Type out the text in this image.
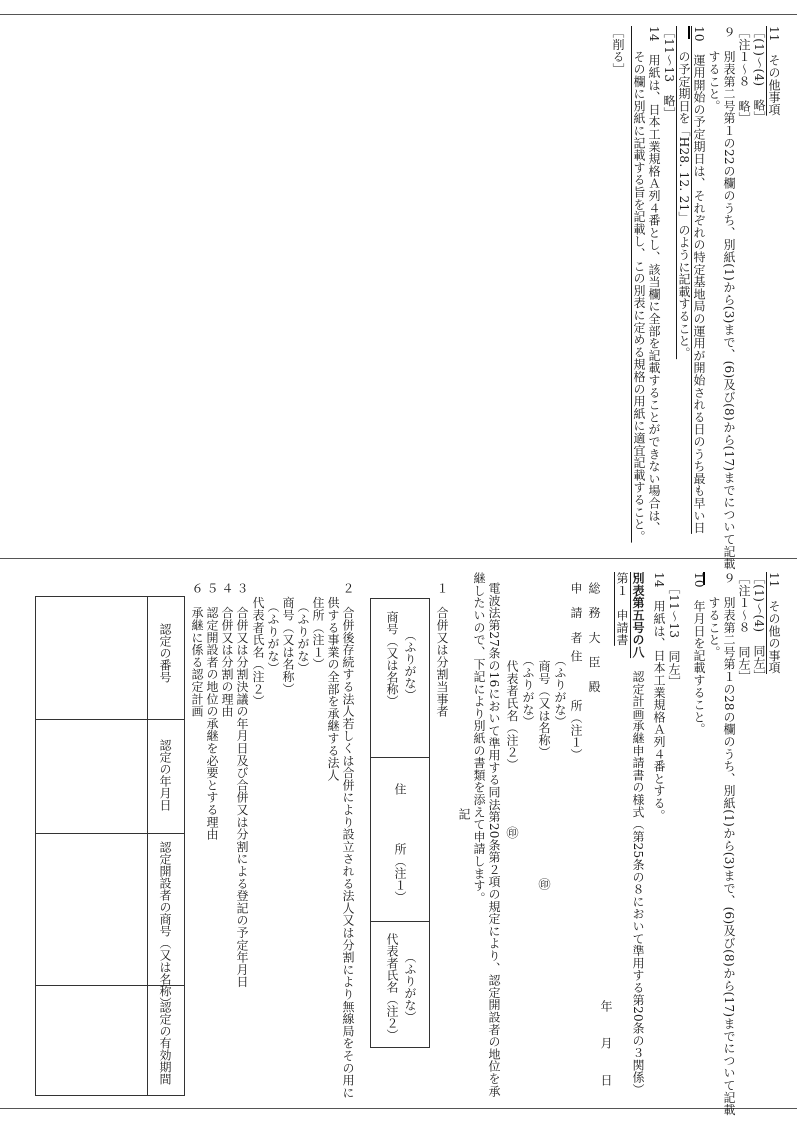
11　その他事項
［(1)〜(4)　略］
［注１〜８　略］
９　別表第二号第１の22の欄のうち、別紙(1)から(3)まで、(6)及び(8)から(17)までについて記載
　　すること。
10　運用開始の予定期日は、それぞれの特定基地局の運用が開始される日のうち最も早い日
　　の予定期日を「H28. 12. 21」のように記載すること。
［11〜13　略］
14　用紙は、日本工業規格Ａ列４番とし、該当欄に全部を記載することができない場合は、
　　その欄に別紙に記載する旨を記載し、この別表に定める規格の用紙に適宜記載すること。
［削る］
11　その他の事項
［(1)〜(4)　同左］
［注１〜８　同左］
９　別表第二号第１の28の欄のうち、別紙(1)から(3)まで、(6)及び(8)から(17)までについて記載
　　すること。
10　年月日を記載すること。
［11〜13　同左］
14　用紙は、日本工業規格Ａ列４番とする。
別表第五号の八　認定計画承継申請書の様式（第25条の８において準用する第20条の３関係）
第１　申請書
年　　月　　日
総　務　大　臣　殿
申　請　者
住　　　所（注１）
（ふりがな）
商号（又は名称）
㊞
（ふりがな）
代表者氏名（注２）　　　　　㊞
電波法第27条の16において準用する同法第20条第２項の規定により、認定開設者の地位を承
継したいので、下記により別紙の書類を添えて申請します。
記
１　合併又は分割当事者
（ふりがな）
商号（又は名称）
住　　　　所（注１）
（ふりがな）
代表者氏名（注２）
２　合併後存続する法人若しくは合併により設立される法人又は分割により無線局をその用に
　　供する事業の全部を承継する法人
　　住所（注１）
　　（ふりがな）
　　商号（又は名称）
　　（ふりがな）
　　代表者氏名（注２）
３　合併又は分割決議の年月日及び合併又は分割による登記の予定年月日
４　合併又は分割の理由
５　認定開設者の地位の承継を必要とする理由
６　承継に係る認定計画
認定の番号
認定の年月日
認定開設者の商号（又は名称）
認定の有効期間
